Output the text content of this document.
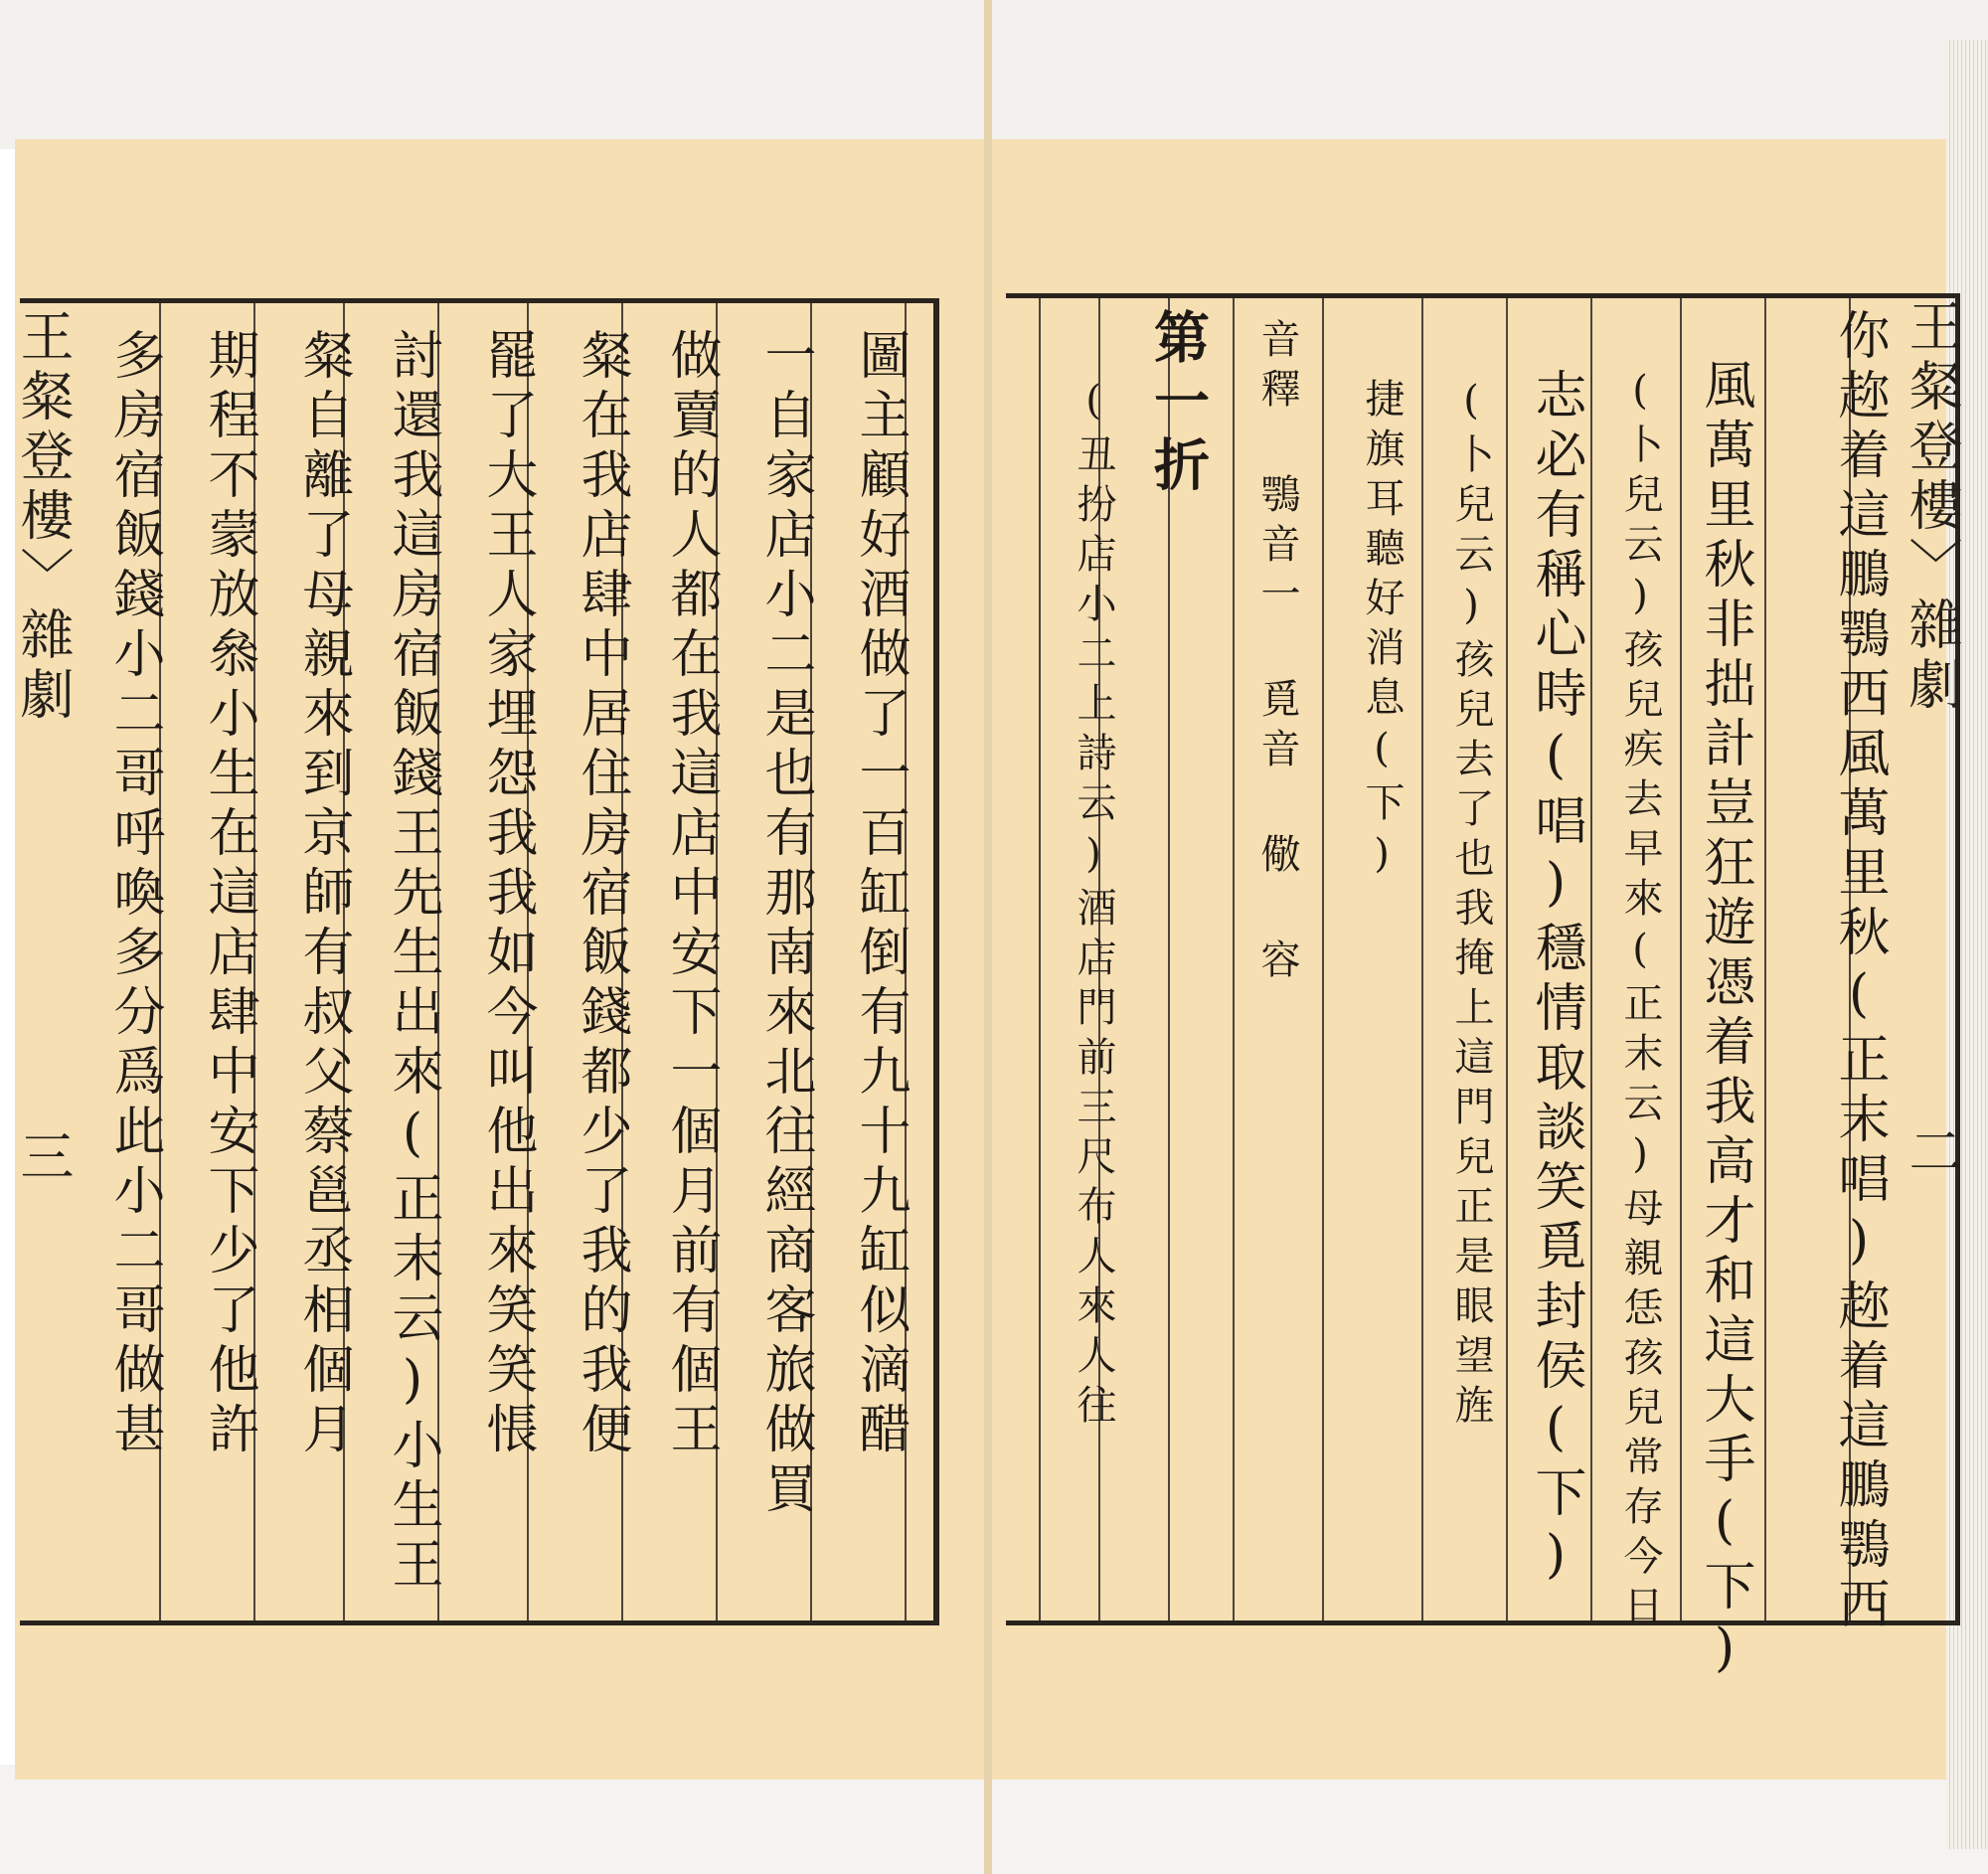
王粲登樓〉雜劇
二
你趂着這鵬鶚西風萬里秋(正末唱)趂着這鵬鶚西
風萬里秋非拙計豈狂遊憑着我高才和這大手(下)
(卜兒云)孩兒疾去早來(正末云)母親恁孩兒常存今日
志必有稱心時(唱)穩情取談笑覓封侯(下)
(卜兒云)孩兒去了也我掩上這門兒正是眼望旌
捷旗耳聽好消息(下)
音釋 鶚音一 覓音 儆 容
第一折
(丑扮店小二上詩云)酒店門前三尺布人來人往
王粲登樓〉雜劇
三	圖主顧好酒做了一百缸倒有九十九缸似滴醋
一自家店小二是也有那南來北往經商客旅做買
做賣的人都在我這店中安下一個月前有個王
粲在我店肆中居住房宿飯錢都少了我的我便
罷了大王人家埋怨我我如今叫他出來笑笑悵
討還我這房宿飯錢王先生出來(正末云)小生王
粲自離了母親來到京師有叔父蔡邕丞相個月
期程不蒙放叅小生在這店肆中安下少了他許
多房宿飯錢小二哥呼喚多分爲此小二哥做甚
